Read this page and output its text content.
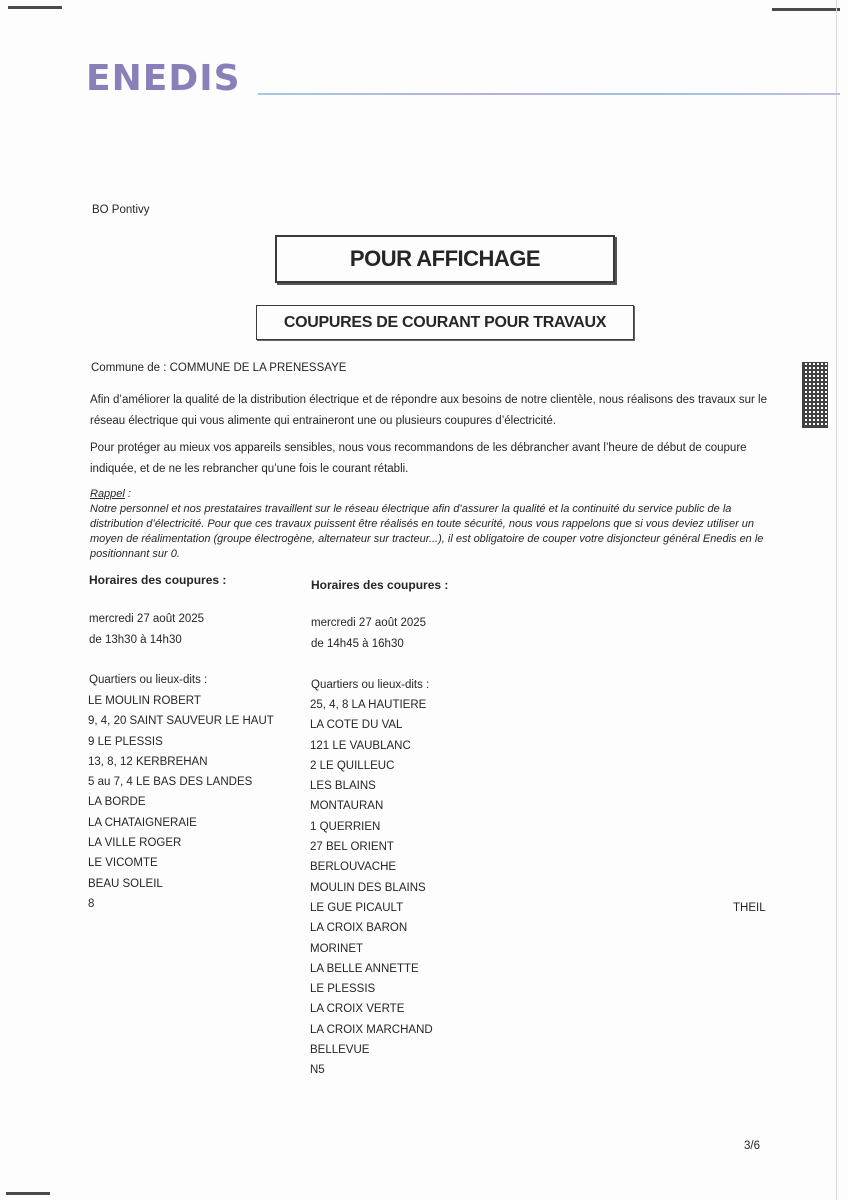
ENEDIS
BO Pontivy
POUR AFFICHAGE
COUPURES DE COURANT POUR TRAVAUX
Commune de : COMMUNE DE LA PRENESSAYE
Afin d’améliorer la qualité de la distribution électrique et de répondre aux besoins de notre clientèle, nous réalisons des travaux sur le réseau électrique qui vous alimente qui entraineront une ou plusieurs coupures d’électricité.
Pour protéger au mieux vos appareils sensibles, nous vous recommandons de les débrancher avant l’heure de début de coupure indiquée, et de ne les rebrancher qu’une fois le courant rétabli.
Rappel :
Notre personnel et nos prestataires travaillent sur le réseau électrique afin d’assurer la qualité et la continuité du service public de la distribution d’électricité. Pour que ces travaux puissent être réalisés en toute sécurité, nous vous rappelons que si vous deviez utiliser un moyen de réalimentation (groupe électrogène, alternateur sur tracteur...), il est obligatoire de couper votre disjoncteur général Enedis en le positionnant sur 0.
Horaires des coupures :
mercredi 27 août 2025
de 13h30 à 14h30
Quartiers ou lieux-dits :
LE MOULIN ROBERT
9, 4, 20 SAINT SAUVEUR LE HAUT
9 LE PLESSIS
13, 8, 12 KERBREHAN
5 au 7, 4 LE BAS DES LANDES
LA BORDE
LA CHATAIGNERAIE
LA VILLE ROGER
LE VICOMTE
BEAU SOLEIL
8
Horaires des coupures :
mercredi 27 août 2025
de 14h45 à 16h30
Quartiers ou lieux-dits :
25, 4, 8 LA HAUTIERE
LA COTE DU VAL
121 LE VAUBLANC
2 LE QUILLEUC
LES BLAINS
MONTAURAN
1 QUERRIEN
27 BEL ORIENT
BERLOUVACHE
MOULIN DES BLAINS
LE GUE PICAULT
LA CROIX BARON
MORINET
LA BELLE ANNETTE
LE PLESSIS
LA CROIX VERTE
LA CROIX MARCHAND
BELLEVUE
N5
THEIL
3/6
